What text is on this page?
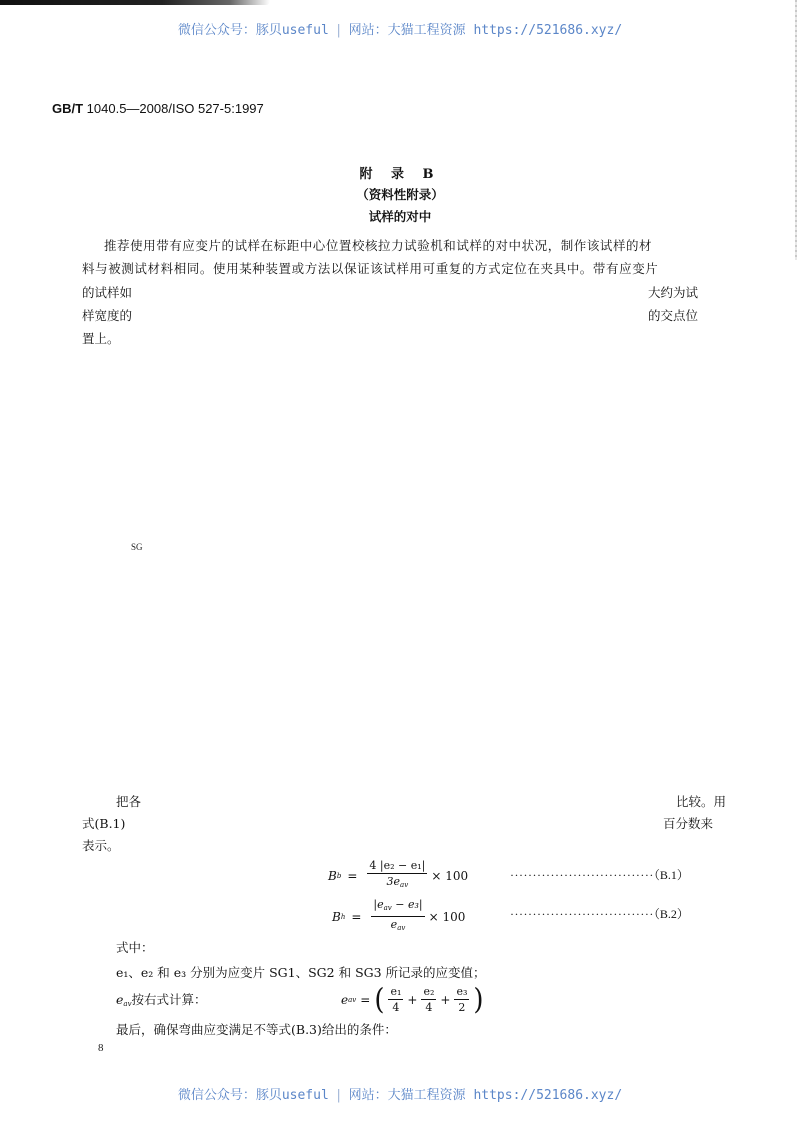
微信公众号：豚贝useful | 网站：大猫工程资源 https://521686.xyz/
GB/T 1040.5—2008/ISO 527-5:1997
附 录 B
（资料性附录）
试样的对中
推荐使用带有应变片的试样在标距中心位置校核拉力试验机和试样的对中状况，制作该试样的材
料与被测试材料相同。使用某种装置或方法以保证该试样用可重复的方式定位在夹具中。带有应变片
的试样如	大约为试
样宽度的	的交点位
置上。
SG
把各	比较。用
式(B.1)	百分数来
表示。
B $b = \frac{\text{4 |e₂ − e₁|}}{3e_{av}} \times 100$	································（B.1）
B $h = \frac{|e_{av} - e_3|}{e_{av}} \times 100$	································（B.2）
式中：
e₁、e₂ 和 e₃ 分别为应变片 SG1、SG2 和 SG3 所记录的应变值；
$e_{av}$按右式计算：	e av = ( $\frac{\text{e₁}}{4} + \frac{\text{e₂}}{4} + \frac{\text{e₃}}{2}$ )
最后，确保弯曲应变满足不等式(B.3)给出的条件：
8
微信公众号：豚贝useful | 网站：大猫工程资源 https://521686.xyz/
